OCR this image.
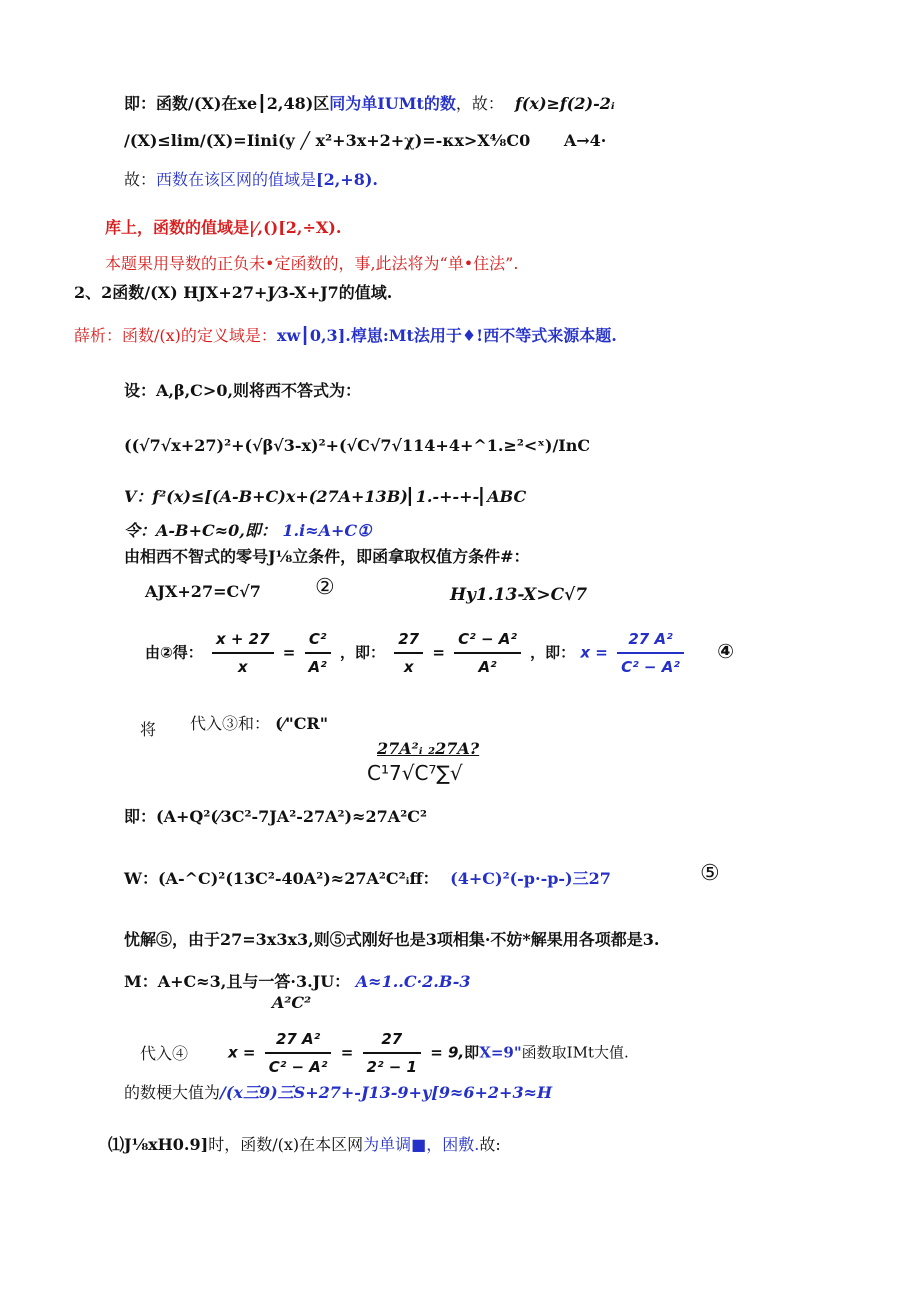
即：函数/(X)在xe┃2,48)区同为单IUMt的数，故： f(x)≥f(2)-2ᵢ
/(X)≤lim/(X)=Iini(y ╱ x²+3x+2+χ)=-κx>X⁴⁄₈C0 A→4·
故：西数在该区网的值域是[2,+8).
库上，函数的值域是|⁄,()[2,÷X).
本题果用导数的正负未•定函数的，事,此法将为“单•住法”.
2、2函数/(X) HJX+27+J⁄3-X+J7的值域.
薛析：函数/(x)的定义域是：xw┃0,3].椁崽:Mt法用于♦!西不等式来源本题.
设：A,β,C>0,则将西不答式为：
((√7√x+27)²+(√β√3-x)²+(√C√7√114+4+^1.≥²<ˣ)/InC
V：f²(x)≤[(A-B+C)x+(27A+13B)⎜1.-+-+-⎜ABC
令：A-B+C≈0,即： 1.i≈A+C①
由相西不智式的零号J⅛立条件，即函拿取权值方条件#：
AJX+27=C√7 ②	Hy1.13-X>C√7
由②得： $\frac{x + 27}{x} = \frac{\text{C²}}{\text{A²}}$ ，即： $\frac{27}{x} = \frac{\text{C² − A²}}{\text{A²}}$ ，即： $x = \frac{\text{27 A²}}{\text{C² − A²}}$ ④
将 代入③和： (⁄"CR"
27A²ᵢ ₂27A?
C¹7√C⁷∑√
即：(A+Q²(⁄3C²-7JA²-27A²)≈27A²C²
W：(A-^C)²(13C²-40A²)≈27A²C²ᵢff： (4+C)²(-p·-p-)三27	⑤
忧解⑤，由于27=3x3x3,则⑤式刚好也是3项相集·不妨*解果用各项都是3.
M：A+C≈3,且与一答·3.JU： A≈1..C·2.B-3
A²C²
代入④	$x = \frac{\text{27 A²}}{\text{C² − A²}} = \frac{27}{\text{2² − 1}} = 9$,即X=9"函数取IMt大值.
的数梗大值为/(x三9)三S+27+-J13-9+y[9≈6+2+3≈H
⑴J⅛xH0.9]时，函数/(x)在本区网为单调■，困敷.故:
